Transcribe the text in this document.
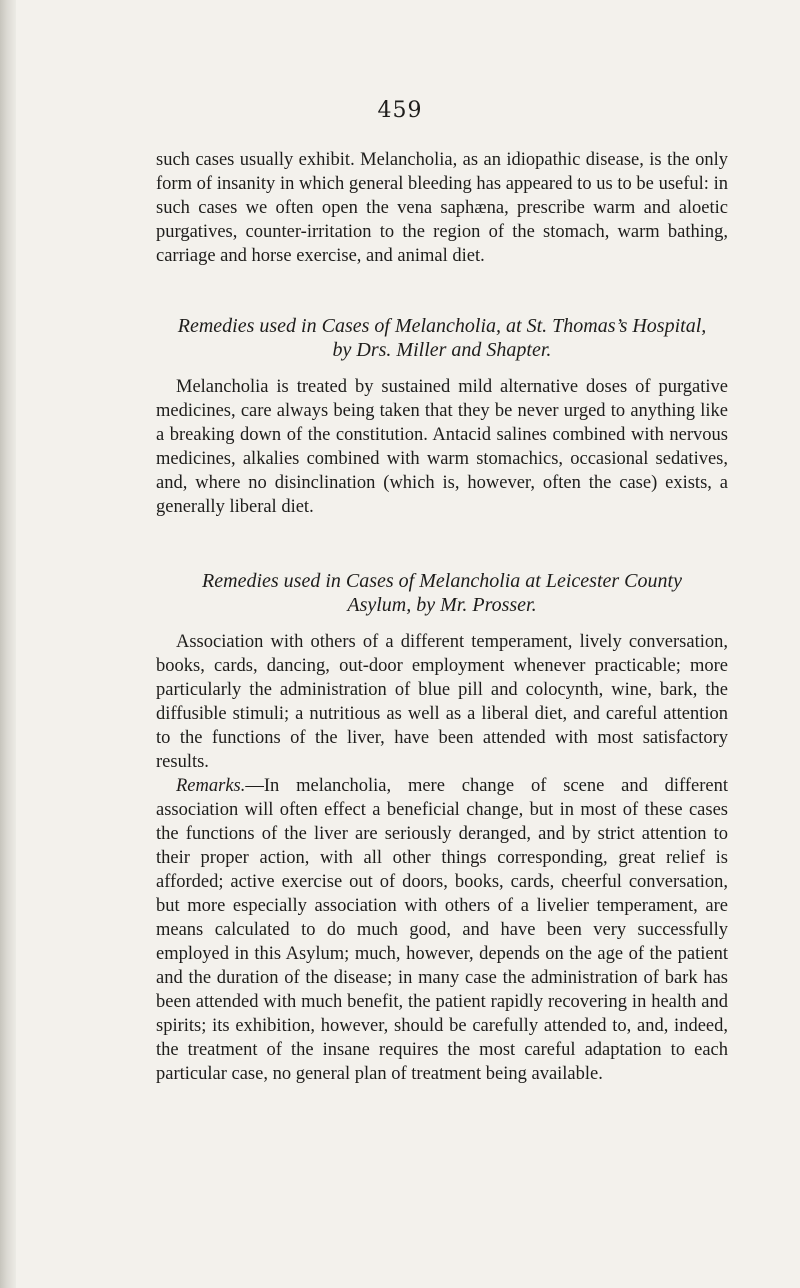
459

such cases usually exhibit. Melancholia, as an idiopathic disease, is the only form of insanity in which general bleeding has appeared to us to be useful: in such cases we often open the vena saphæna, prescribe warm and aloetic purgatives, counter-irritation to the region of the stomach, warm bathing, carriage and horse exercise, and animal diet.

Remedies used in Cases of Melancholia, at St. Thomas’s Hospital, by Drs. Miller and Shapter.

Melancholia is treated by sustained mild alternative doses of purgative medicines, care always being taken that they be never urged to anything like a breaking down of the constitution. Antacid salines combined with nervous medicines, alkalies combined with warm stomachics, occasional sedatives, and, where no disinclination (which is, however, often the case) exists, a generally liberal diet.

Remedies used in Cases of Melancholia at Leicester County Asylum, by Mr. Prosser.

Association with others of a different temperament, lively conversation, books, cards, dancing, out-door employment whenever practicable; more particularly the administration of blue pill and colocynth, wine, bark, the diffusible stimuli; a nutritious as well as a liberal diet, and careful attention to the functions of the liver, have been attended with most satisfactory results.

Remarks.—In melancholia, mere change of scene and different association will often effect a beneficial change, but in most of these cases the functions of the liver are seriously deranged, and by strict attention to their proper action, with all other things corresponding, great relief is afforded; active exercise out of doors, books, cards, cheerful conversation, but more especially association with others of a livelier temperament, are means calculated to do much good, and have been very successfully employed in this Asylum; much, however, depends on the age of the patient and the duration of the disease; in many case the administration of bark has been attended with much benefit, the patient rapidly recovering in health and spirits; its exhibition, however, should be carefully attended to, and, indeed, the treatment of the insane requires the most careful adaptation to each particular case, no general plan of treatment being available.
